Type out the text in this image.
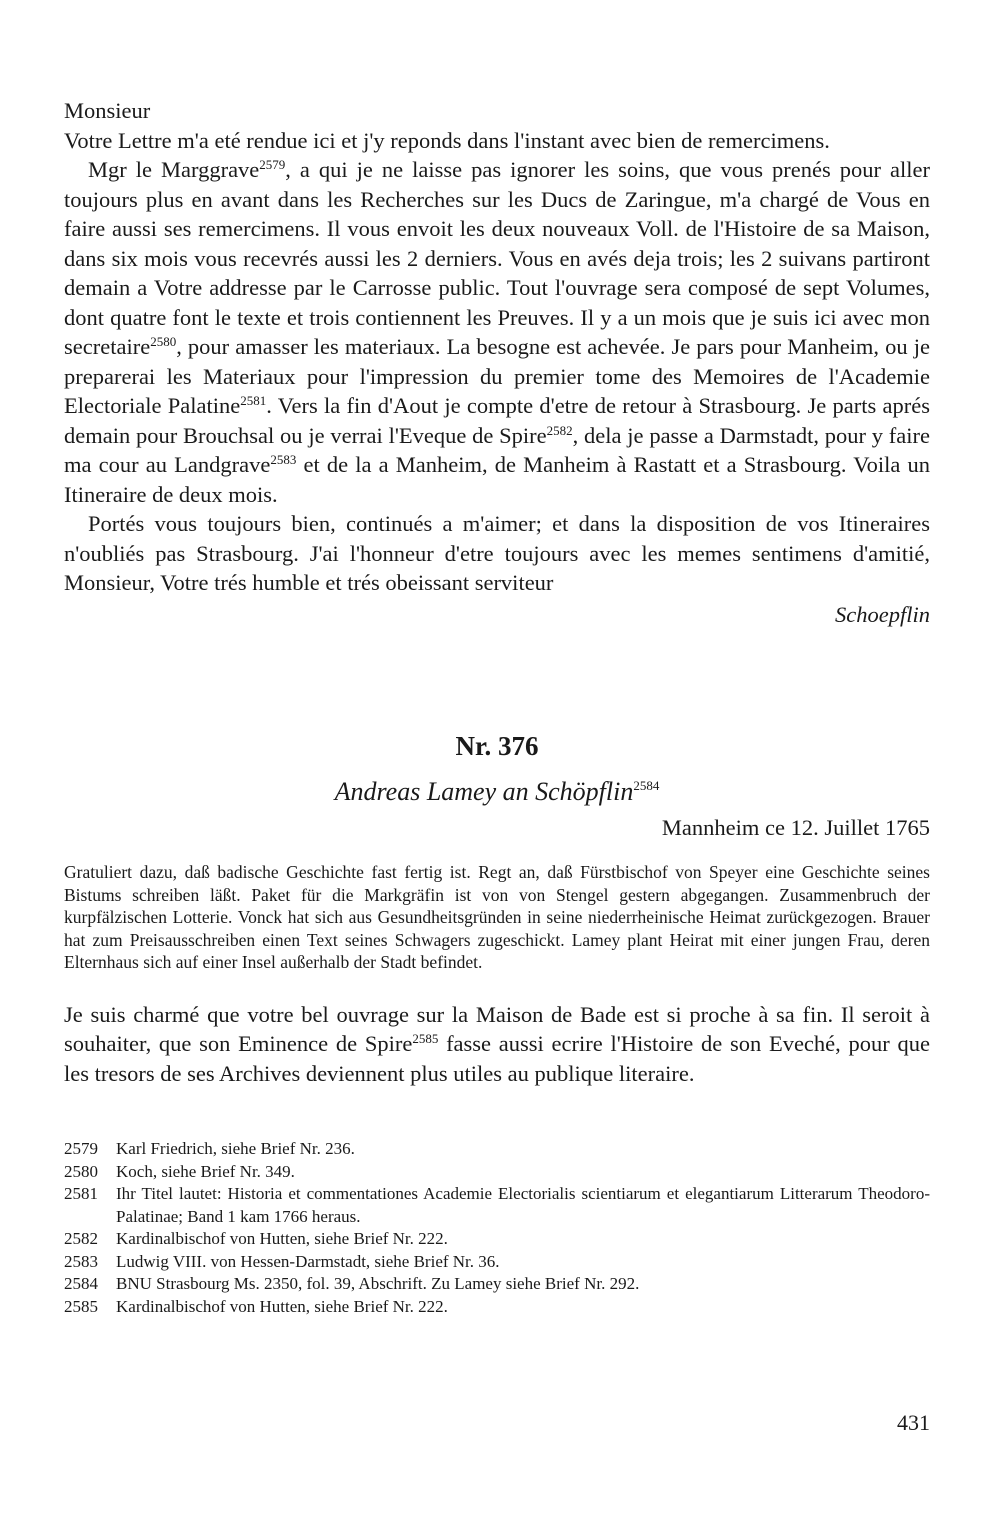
Monsieur

Votre Lettre m'a eté rendue ici et j'y reponds dans l'instant avec bien de remercimens.

Mgr le Marggrave$^{2579}$, a qui je ne laisse pas ignorer les soins, que vous prenés pour aller toujours plus en avant dans les Recherches sur les Ducs de Zaringue, m'a chargé de Vous en faire aussi ses remercimens. Il vous envoit les deux nouveaux Voll. de l'Histoire de sa Maison, dans six mois vous recevrés aussi les 2 derniers. Vous en avés deja trois; les 2 suivans partiront demain a Votre addresse par le Carrosse public. Tout l'ouvrage sera composé de sept Volumes, dont quatre font le texte et trois contiennent les Preuves. Il y a un mois que je suis ici avec mon secretaire$^{2580}$, pour amasser les materiaux. La besogne est achevée. Je pars pour Manheim, ou je preparerai les Materiaux pour l'impression du premier tome des Memoires de l'Academie Electoriale Palatine$^{2581}$. Vers la fin d'Aout je compte d'etre de retour à Strasbourg. Je parts aprés demain pour Brouchsal ou je verrai l'Eveque de Spire$^{2582}$, dela je passe a Darmstadt, pour y faire ma cour au Landgrave$^{2583}$ et de la a Manheim, de Manheim à Rastatt et a Strasbourg. Voila un Itineraire de deux mois.

Portés vous toujours bien, continués a m'aimer; et dans la disposition de vos Itineraires n'oubliés pas Strasbourg. J'ai l'honneur d'etre toujours avec les memes sentimens d'amitié, Monsieur, Votre trés humble et trés obeissant serviteur

Schoepflin
Nr. 376
Andreas Lamey an Schöpflin$^{2584}$
Mannheim ce 12. Juillet 1765
Gratuliert dazu, daß badische Geschichte fast fertig ist. Regt an, daß Fürstbischof von Speyer eine Geschichte seines Bistums schreiben läßt. Paket für die Markgräfin ist von von Stengel gestern abgegangen. Zusammenbruch der kurpfälzischen Lotterie. Vonck hat sich aus Gesundheitsgründen in seine niederrheinische Heimat zurückgezogen. Brauer hat zum Preisausschreiben einen Text seines Schwagers zugeschickt. Lamey plant Heirat mit einer jungen Frau, deren Elternhaus sich auf einer Insel außerhalb der Stadt befindet.

Je suis charmé que votre bel ouvrage sur la Maison de Bade est si proche à sa fin. Il seroit à souhaiter, que son Eminence de Spire$^{2585}$ fasse aussi ecrire l'Histoire de son Eveché, pour que les tresors de ses Archives deviennent plus utiles au publique literaire.

2579	Karl Friedrich, siehe Brief Nr. 236.
2580	Koch, siehe Brief Nr. 349.
2581	Ihr Titel lautet: Historia et commentationes Academie Electorialis scientiarum et elegantiarum Litterarum Theodoro-Palatinae; Band 1 kam 1766 heraus.
2582	Kardinalbischof von Hutten, siehe Brief Nr. 222.
2583	Ludwig VIII. von Hessen-Darmstadt, siehe Brief Nr. 36.
2584	BNU Strasbourg Ms. 2350, fol. 39, Abschrift. Zu Lamey siehe Brief Nr. 292.
2585	Kardinalbischof von Hutten, siehe Brief Nr. 222.
431
